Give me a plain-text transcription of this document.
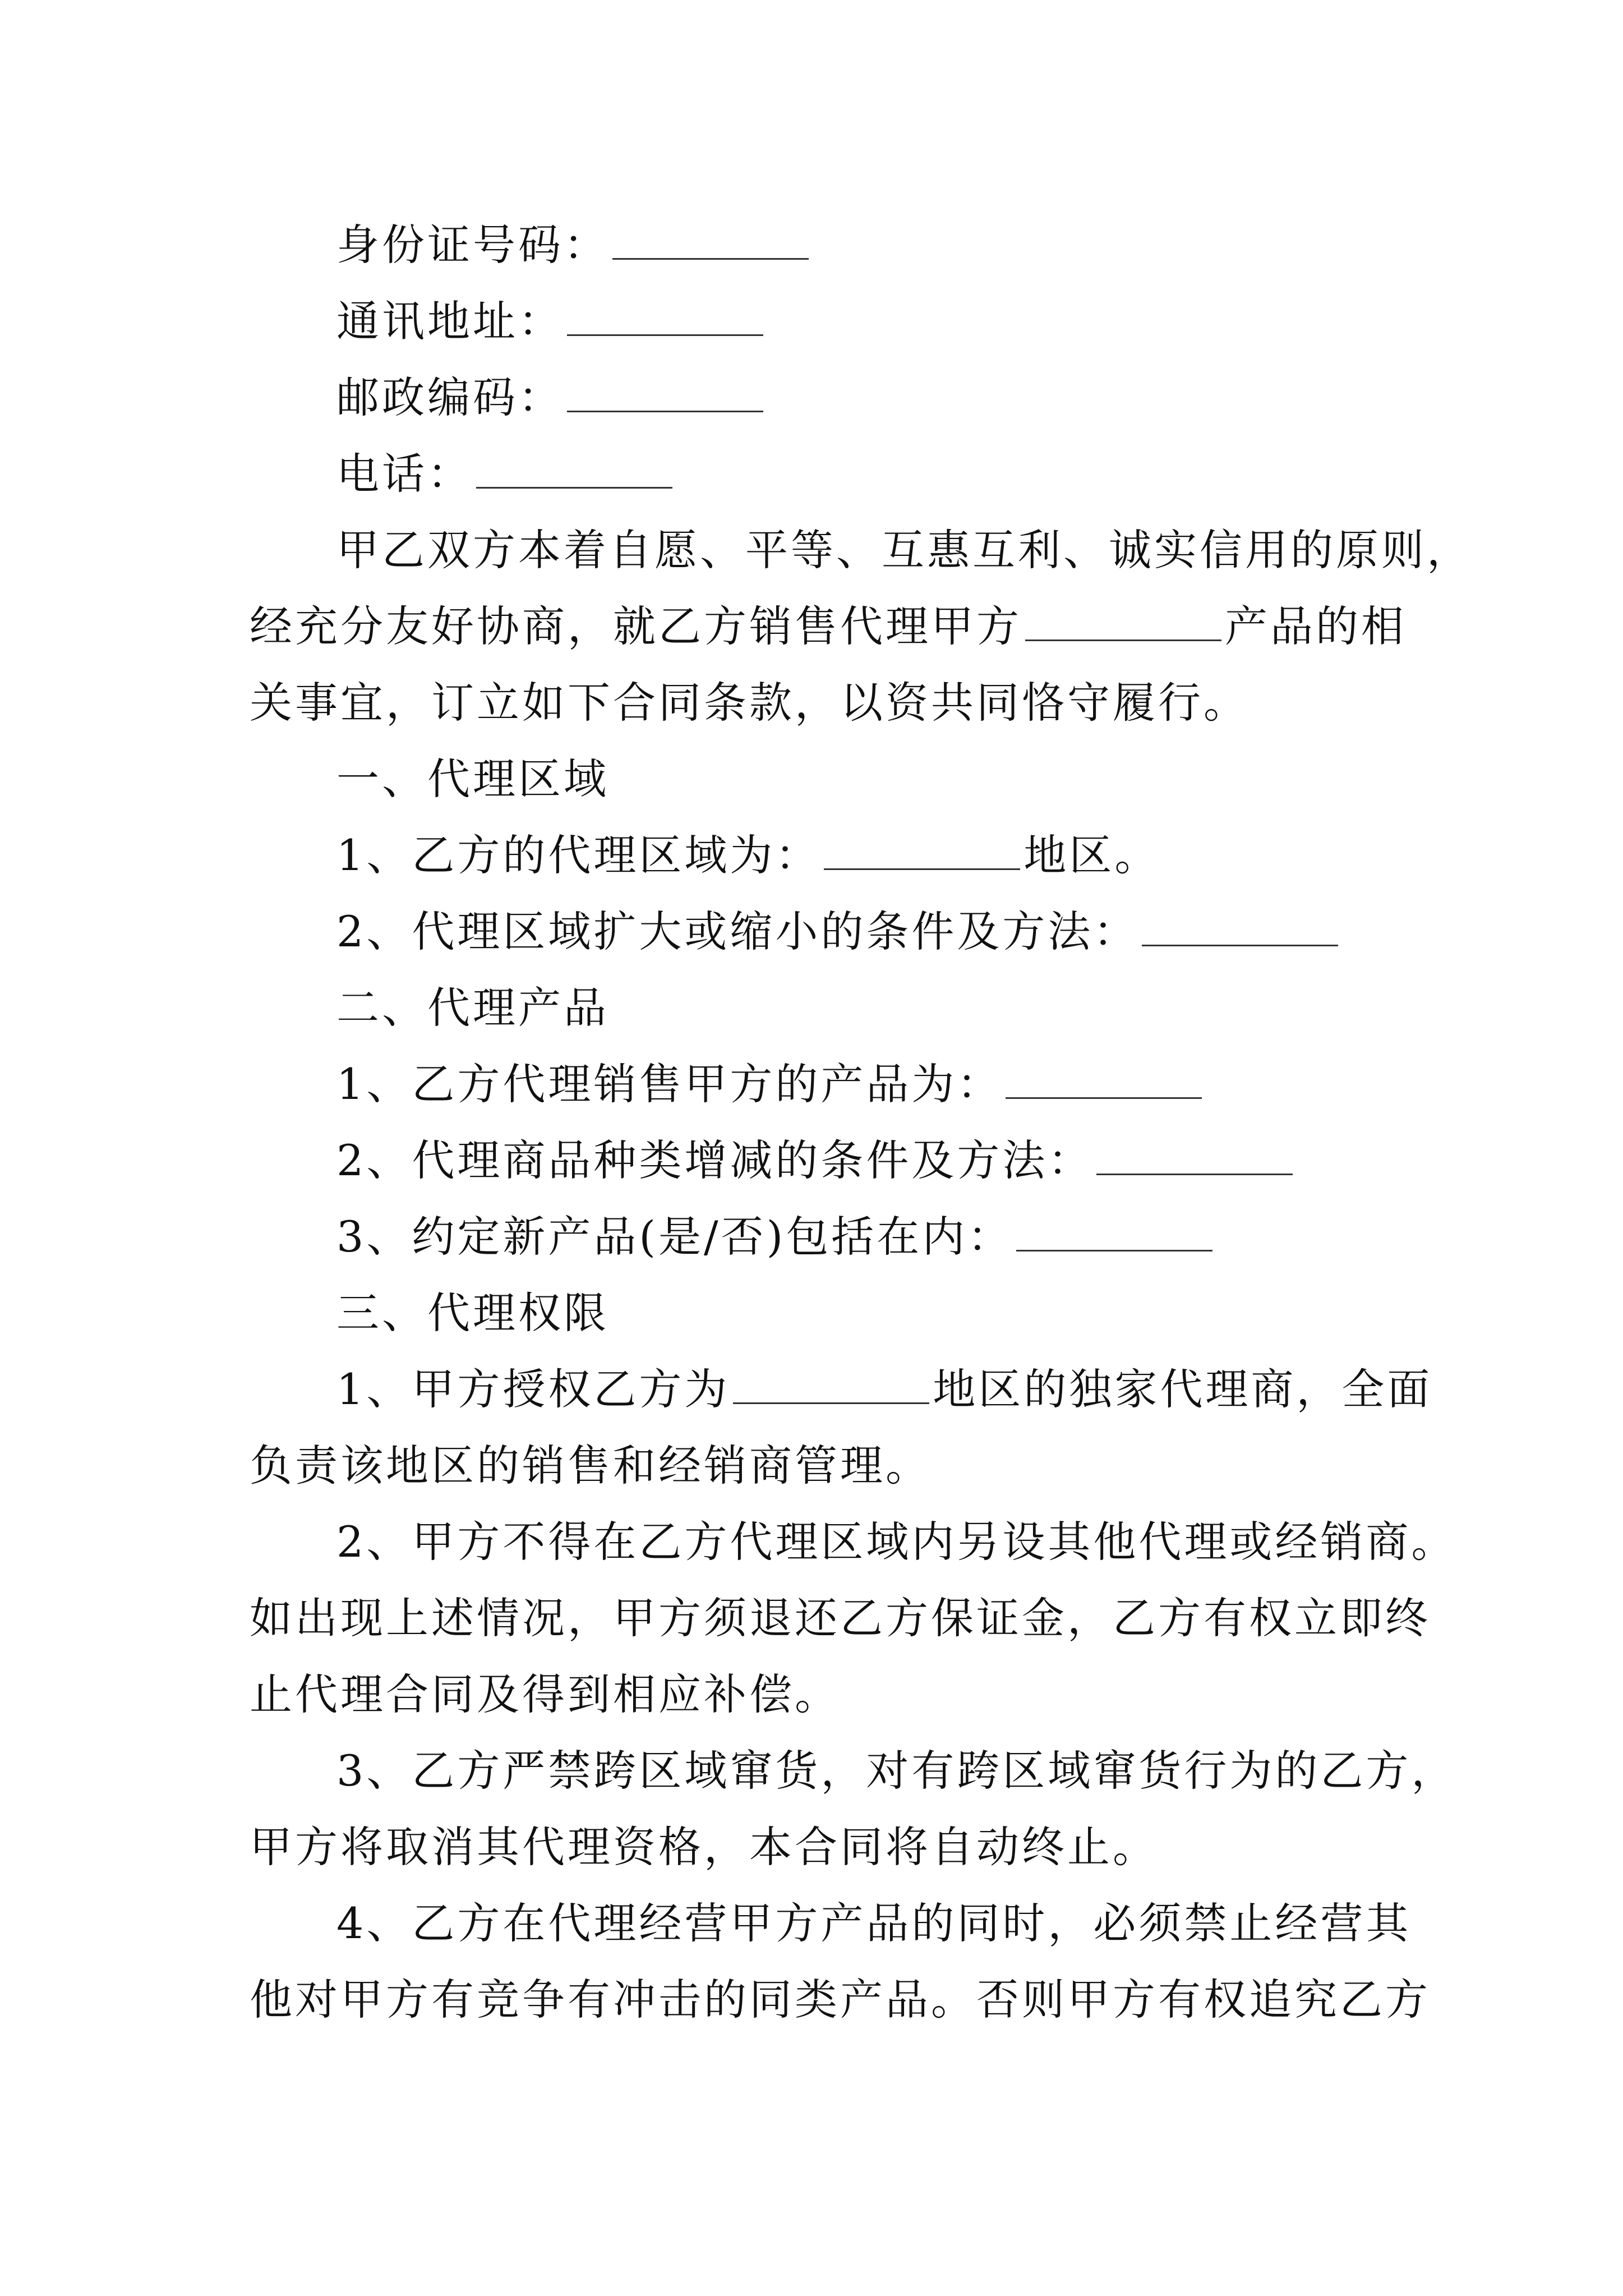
身份证号码：
通讯地址：
邮政编码：
电话：
甲乙双方本着自愿、平等、互惠互利、诚实信用的原则，
经充分友好协商，就乙方销售代理甲方	产品的相
关事宜，订立如下合同条款，以资共同恪守履行。
一、代理区域
1、乙方的代理区域为：	地区。
2、代理区域扩大或缩小的条件及方法：
二、代理产品
1、乙方代理销售甲方的产品为：
2、代理商品种类增减的条件及方法：
3、约定新产品(是/否)包括在内：
三、代理权限
1、甲方授权乙方为	地区的独家代理商，全面
负责该地区的销售和经销商管理。
2、甲方不得在乙方代理区域内另设其他代理或经销商。
如出现上述情况，甲方须退还乙方保证金，乙方有权立即终
止代理合同及得到相应补偿。
3、乙方严禁跨区域窜货，对有跨区域窜货行为的乙方，
甲方将取消其代理资格，本合同将自动终止。
4、乙方在代理经营甲方产品的同时，必须禁止经营其
他对甲方有竞争有冲击的同类产品。否则甲方有权追究乙方
